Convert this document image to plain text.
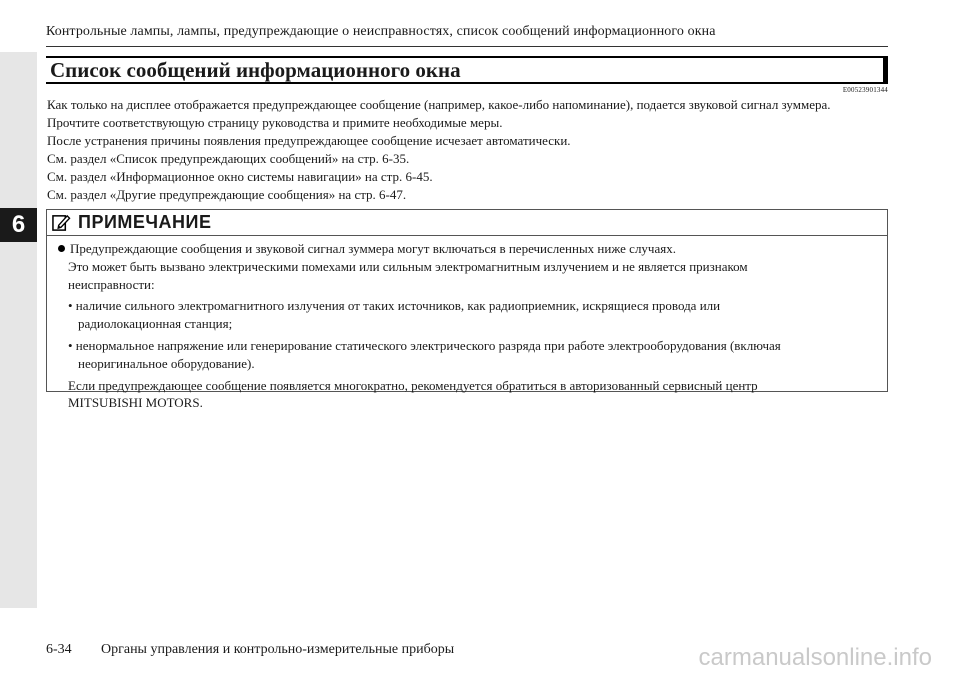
6
Контрольные лампы, лампы, предупреждающие о неисправностях, список сообщений информационного окна
Список сообщений информационного окна
E00523901344

Как только на дисплее отображается предупреждающее сообщение (например, какое-либо напоминание), подается звуковой сигнал зуммера.

Прочтите соответствующую страницу руководства и примите необходимые меры.

После устранения причины появления предупреждающее сообщение исчезает автоматически.

См. раздел «Список предупреждающих сообщений» на стр. 6-35.

См. раздел «Информационное окно системы навигации» на стр. 6-45.

См. раздел «Другие предупреждающие сообщения» на стр. 6-47.

ПРИМЕЧАНИЕ
Предупреждающие сообщения и звуковой сигнал зуммера могут включаться в перечисленных ниже случаях.
Это может быть вызвано электрическими помехами или сильным электромагнитным излучением и не является признаком
неисправности:
• наличие сильного электромагнитного излучения от таких источников, как радиоприемник, искрящиеся провода или
радиолокационная станция;
• ненормальное напряжение или генерирование статического электрического разряда при работе электрооборудования (включая
неоригинальное оборудование).
Если предупреждающее сообщение появляется многократно, рекомендуется обратиться в авторизованный сервисный центр
MITSUBISHI MOTORS.
6-34 Органы управления и контрольно-измерительные приборы	carmanualsonline.info
